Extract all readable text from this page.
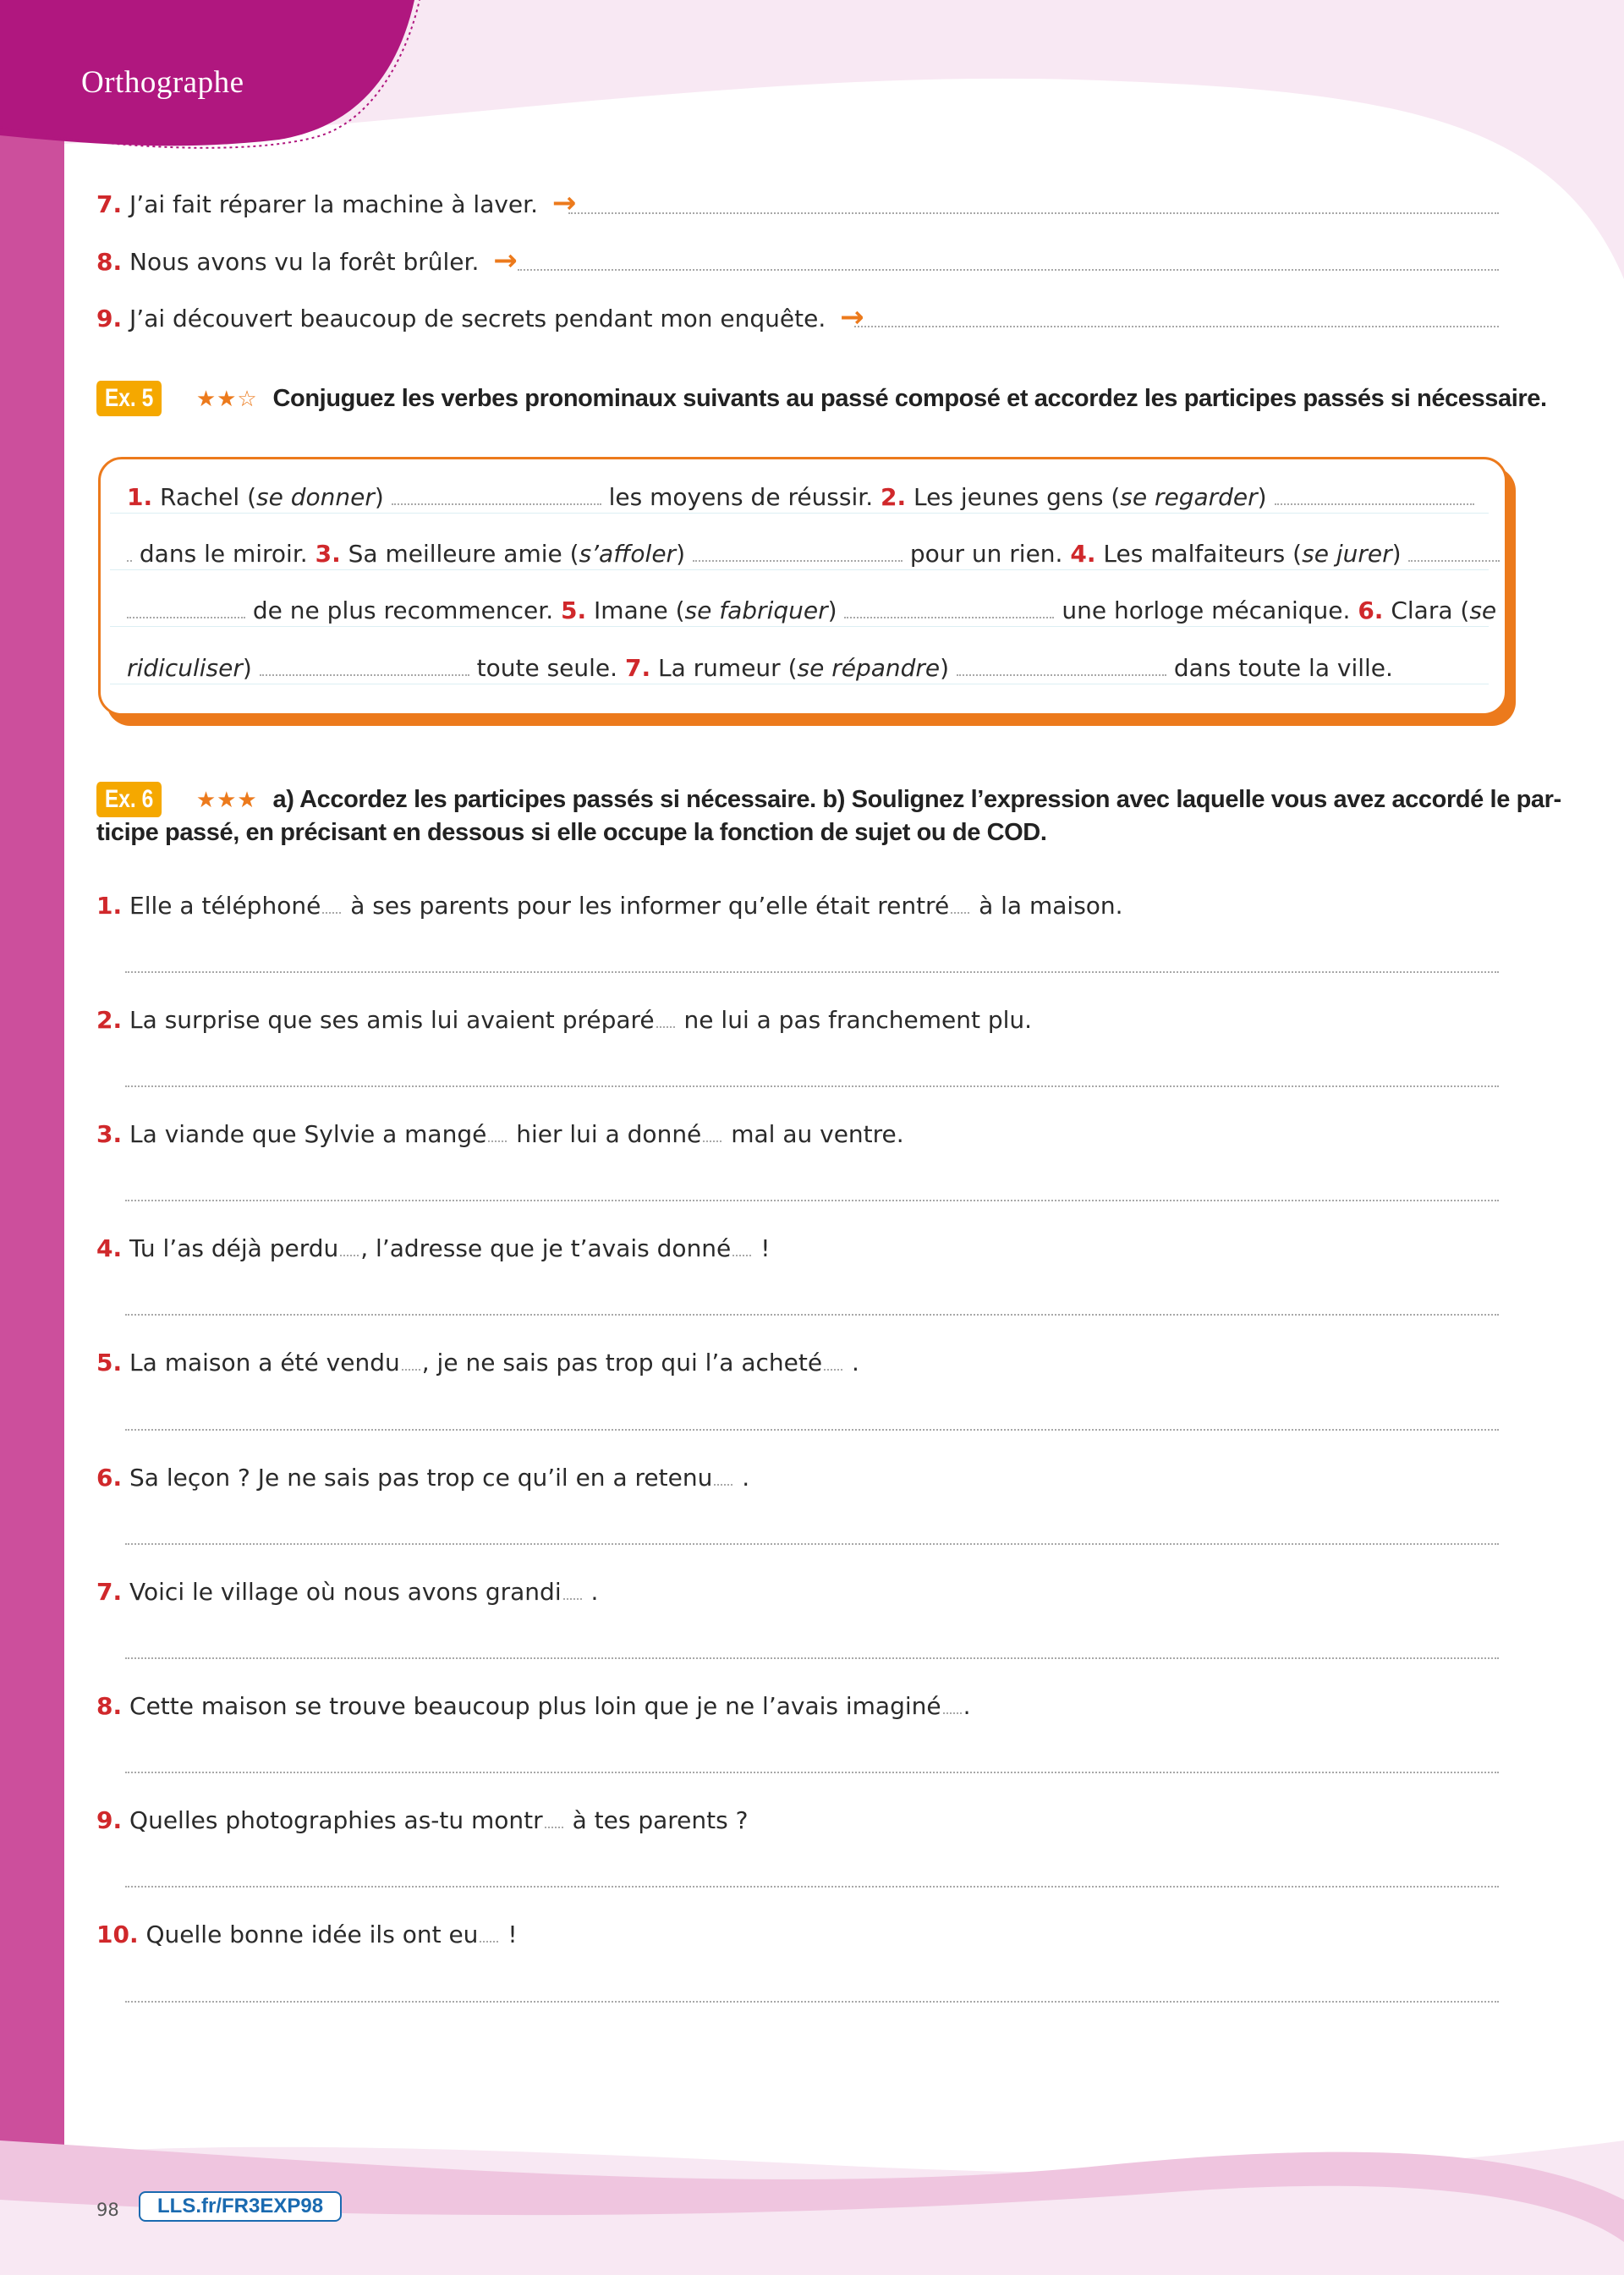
Orthographe
7. J’ai fait réparer la machine à laver. →
8. Nous avons vu la forêt brûler. →
9. J’ai découvert beaucoup de secrets pendant mon enquête. →
Ex. 5 ★★☆ Conjuguez les verbes pronominaux suivants au passé composé et accordez les participes passés si nécessaire.
1. Rachel (se donner)	les moyens de réussir. 2. Les jeunes gens (se regarder)
dans le miroir. 3. Sa meilleure amie (s’affoler)	pour un rien. 4. Les malfaiteurs (se jurer)
de ne plus recommencer. 5. Imane (se fabriquer)	une horloge mécanique. 6. Clara (se
ridiculiser)	toute seule. 7. La rumeur (se répandre)	dans toute la ville.
Ex. 6 ★★★ a) Accordez les participes passés si nécessaire. b) Soulignez l’expression avec laquelle vous avez accordé le par-
ticipe passé, en précisant en dessous si elle occupe la fonction de sujet ou de COD.
1. Elle a téléphoné à ses parents pour les informer qu’elle était rentré à la maison.
2. La surprise que ses amis lui avaient préparé ne lui a pas franchement plu.
3. La viande que Sylvie a mangé hier lui a donné mal au ventre.
4. Tu l’as déjà perdu , l’adresse que je t’avais donné !
5. La maison a été vendu , je ne sais pas trop qui l’a acheté .
6. Sa leçon ? Je ne sais pas trop ce qu’il en a retenu .
7. Voici le village où nous avons grandi .
8. Cette maison se trouve beaucoup plus loin que je ne l’avais imaginé .
9. Quelles photographies as-tu montr à tes parents ?
10. Quelle bonne idée ils ont eu !
98	LLS.fr/FR3EXP98
